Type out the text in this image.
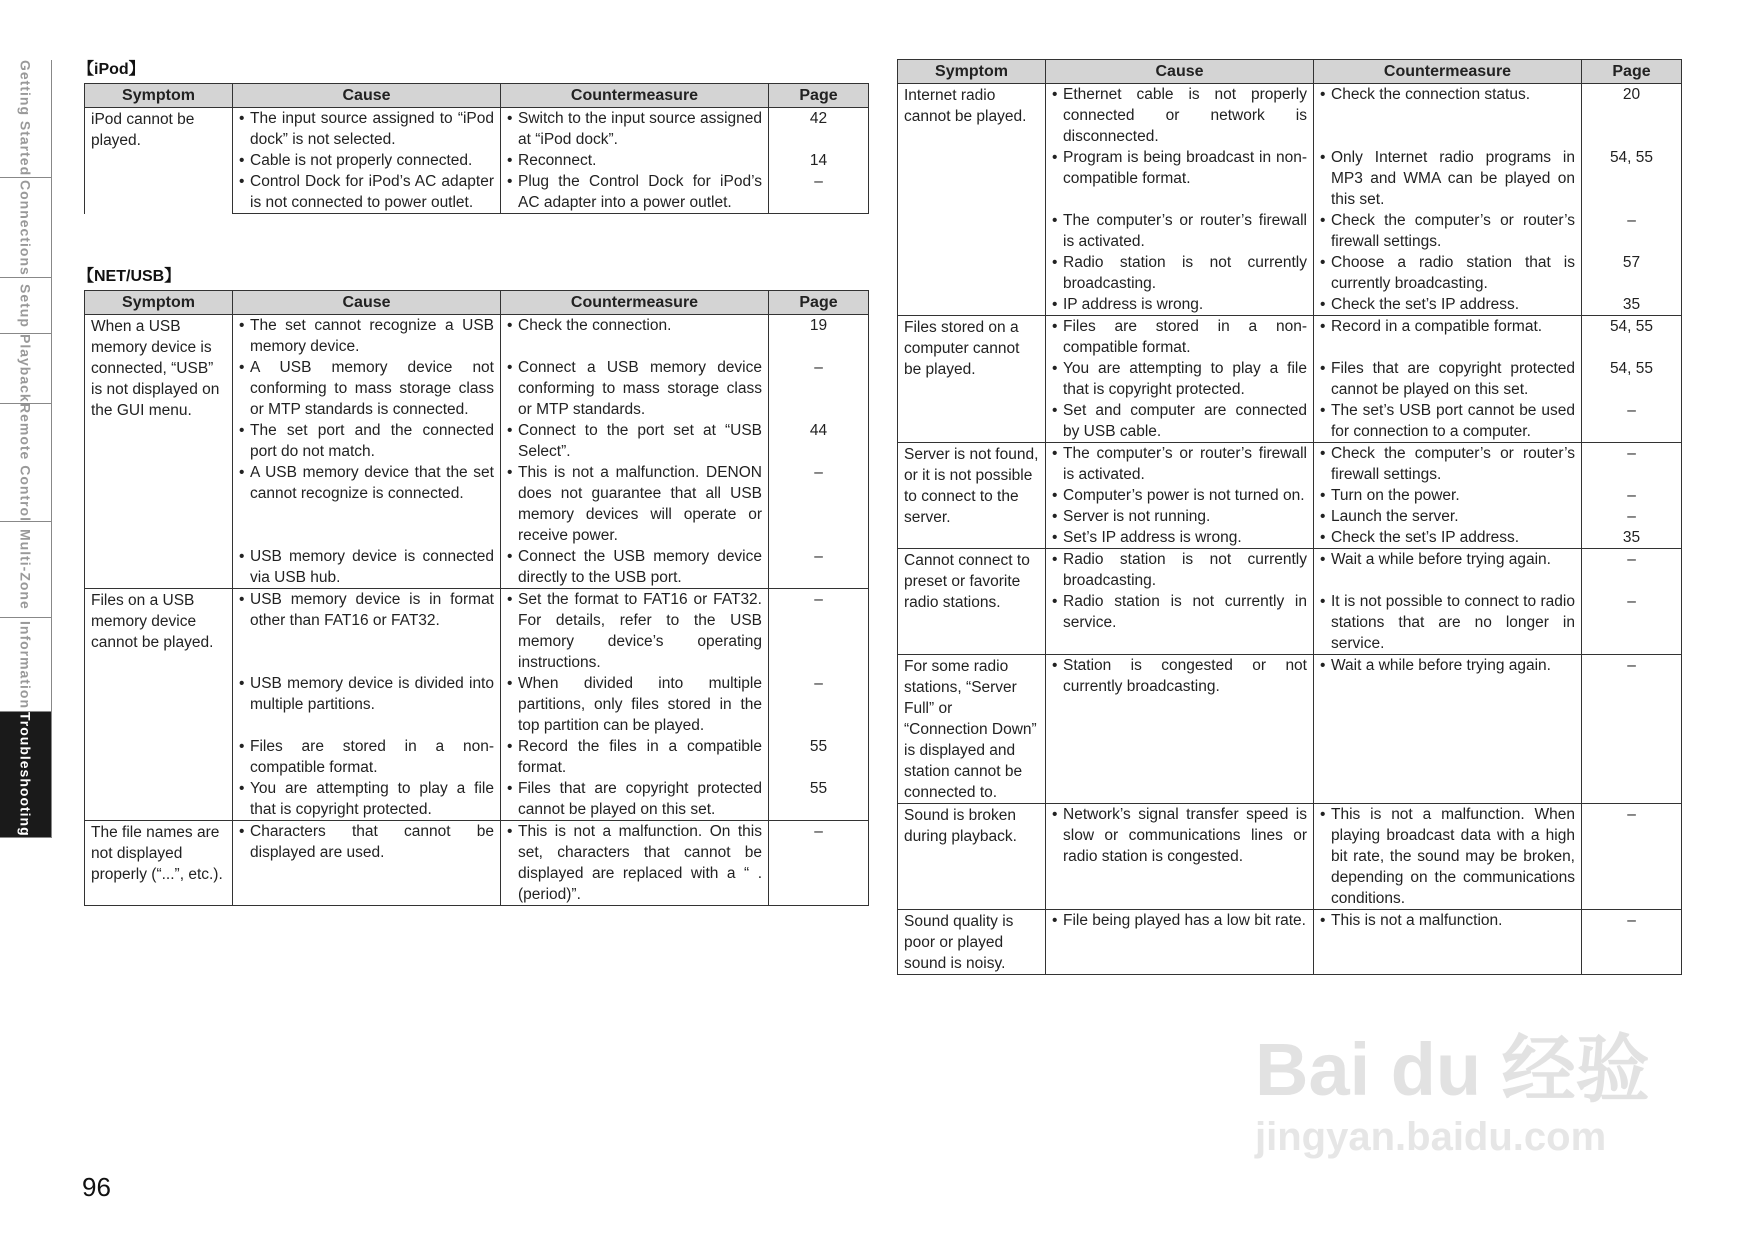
Getting Started
Connections
Setup
Playback
Remote Control
Multi-Zone
Information
Troubleshooting
【iPod】
Symptom	Cause	Countermeasure	Page
iPod cannot be played.	• The input source assigned to “iPod dock” is not selected.	• Switch to the input source assigned at “iPod dock”.	42

	• Cable is not properly connected.	• Reconnect.	14

	• Control Dock for iPod’s AC adapter is not connected to power outlet.	• Plug the Control Dock for iPod’s AC adapter into a power outlet.	–
【NET/USB】
Symptom	Cause	Countermeasure	Page
When a USB memory device is connected, “USB” is not displayed on the GUI menu.	• The set cannot recognize a USB memory device.	• Check the connection.	19

	• A USB memory device not conforming to mass storage class or MTP standards is connected.	• Connect a USB memory device conforming to mass storage class or MTP standards.	–

	• The set port and the connected port do not match.	• Connect to the port set at “USB Select”.	44

	• A USB memory device that the set cannot recognize is connected.	• This is not a malfunction. DENON does not guarantee that all USB memory devices will operate or receive power.	–

	• USB memory device is connected via USB hub.	• Connect the USB memory device directly to the USB port.	–
Files on a USB memory device cannot be played.	• USB memory device is in format other than FAT16 or FAT32.	• Set the format to FAT16 or FAT32. For details, refer to the USB memory device’s operating instructions.	–

	• USB memory device is divided into multiple partitions.	• When divided into multiple partitions, only files stored in the top partition can be played.	–

	• Files are stored in a non-compatible format.	• Record the files in a compatible format.	55

	• You are attempting to play a file that is copyright protected.	• Files that are copyright protected cannot be played on this set.	55
The file names are not displayed properly (“...”, etc.).	• Characters that cannot be displayed are used.	• This is not a malfunction. On this set, characters that cannot be displayed are replaced with a “ . (period)”.	–
Symptom	Cause	Countermeasure	Page
Internet radio cannot be played.	• Ethernet cable is not properly connected or network is disconnected.	• Check the connection status.	20

	• Program is being broadcast in non-compatible format.	• Only Internet radio programs in MP3 and WMA can be played on this set.	54, 55

	• The computer’s or router’s firewall is activated.	• Check the computer’s or router’s firewall settings.	–

	• Radio station is not currently broadcasting.	• Choose a radio station that is currently broadcasting.	57

	• IP address is wrong.	• Check the set’s IP address.	35
Files stored on a computer cannot be played.	• Files are stored in a non-compatible format.	• Record in a compatible format.	54, 55

	• You are attempting to play a file that is copyright protected.	• Files that are copyright protected cannot be played on this set.	54, 55

	• Set and computer are connected by USB cable.	• The set’s USB port cannot be used for connection to a computer.	–
Server is not found, or it is not possible to connect to the server.	• The computer’s or router’s firewall is activated.	• Check the computer’s or router’s firewall settings.	–

	• Computer’s power is not turned on.	• Turn on the power.	–

	• Server is not running.	• Launch the server.	–

	• Set’s IP address is wrong.	• Check the set’s IP address.	35
Cannot connect to preset or favorite radio stations.	• Radio station is not currently broadcasting.	• Wait a while before trying again.	–

	• Radio station is not currently in service.	• It is not possible to connect to radio stations that are no longer in service.	–
For some radio stations, “Server Full” or “Connection Down” is displayed and station cannot be connected to.	• Station is congested or not currently broadcasting.	• Wait a while before trying again.	–
Sound is broken during playback.	• Network’s signal transfer speed is slow or communications lines or radio station is congested.	• This is not a malfunction. When playing broadcast data with a high bit rate, the sound may be broken, depending on the communications conditions.	–
Sound quality is poor or played sound is noisy.	• File being played has a low bit rate.	• This is not a malfunction.	–
96
Bai du 经验
jingyan.baidu.com
